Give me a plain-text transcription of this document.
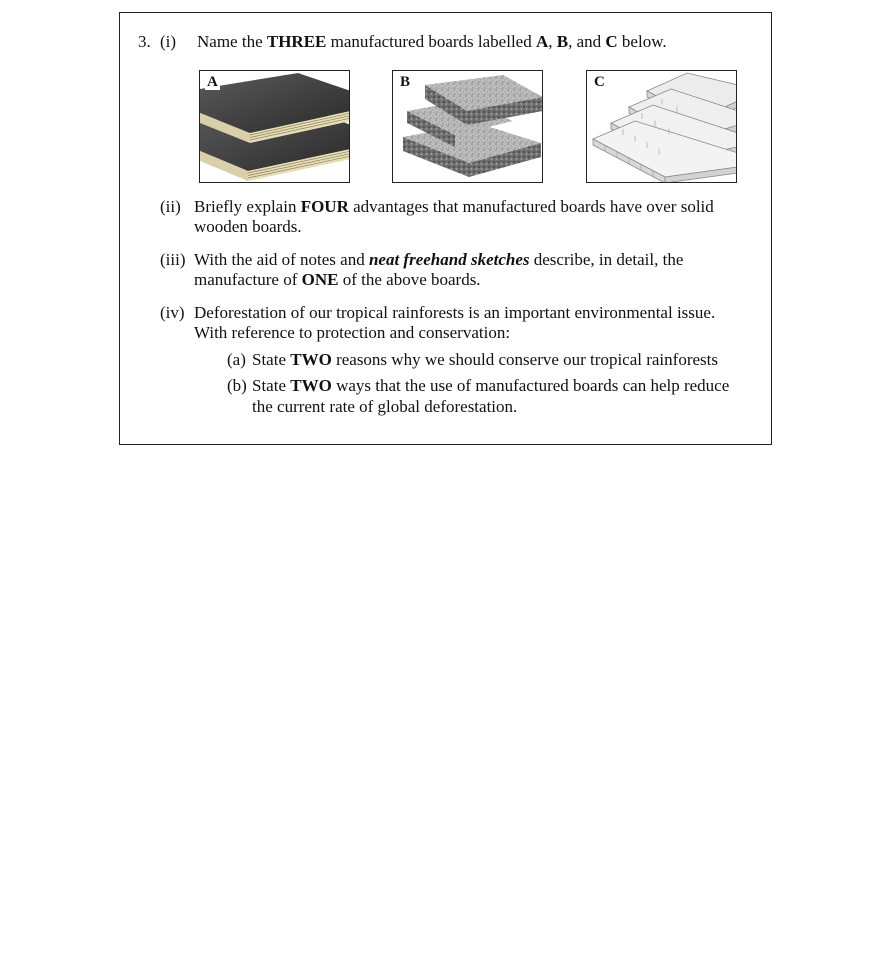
3. (i) Name the THREE manufactured boards labelled A, B, and C below.
A	B	C
(ii) Briefly explain FOUR advantages that manufactured boards have over solid
wooden boards.
(iii) With the aid of notes and neat freehand sketches describe, in detail, the
manufacture of ONE of the above boards.
(iv) Deforestation of our tropical rainforests is an important environmental issue.
With reference to protection and conservation:
(a) State TWO reasons why we should conserve our tropical rainforests
(b) State TWO ways that the use of manufactured boards can help reduce
the current rate of global deforestation.
